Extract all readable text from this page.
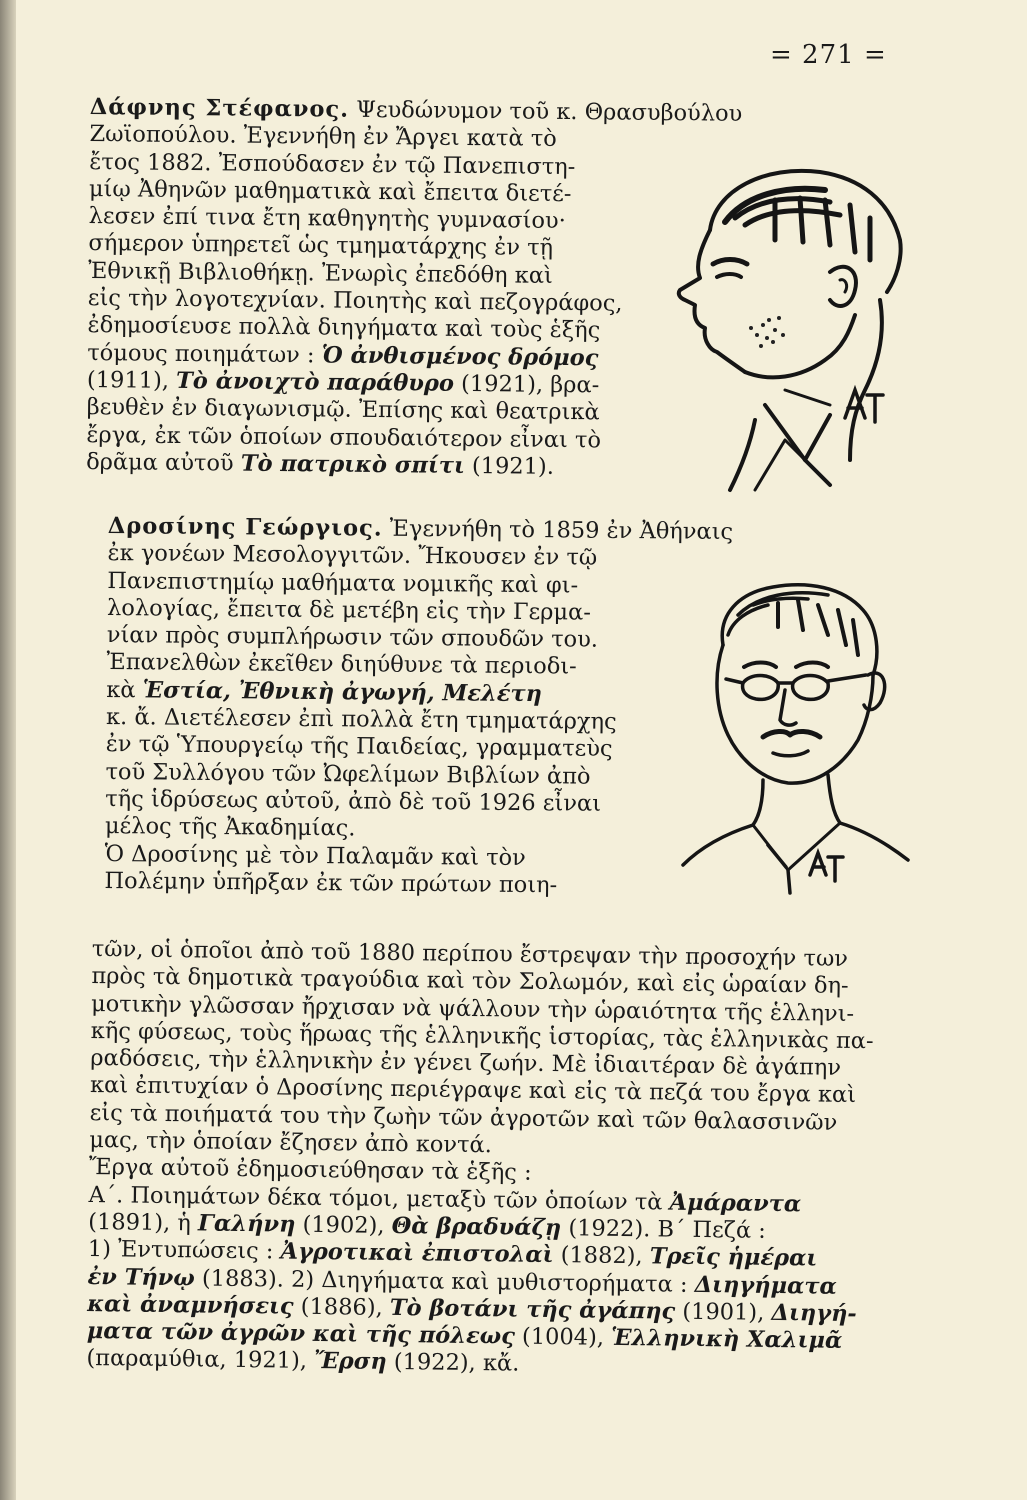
= 271 =
Δάφνης Στέφανος. Ψευδώνυμον τοῦ κ. Θρασυβούλου
Ζωϊοπούλου. Ἐγεννήθη ἐν Ἄργει κατὰ τὸ
ἔτος 1882. Ἐσπούδασεν ἐν τῷ Πανεπιστη-
μίῳ Ἀθηνῶν μαθηματικὰ καὶ ἔπειτα διετέ-
λεσεν ἐπί τινα ἔτη καθηγητὴς γυμνασίου·
σήμερον ὑπηρετεῖ ὡς τμηματάρχης ἐν τῇ
Ἐθνικῇ Βιβλιοθήκῃ. Ἐνωρὶς ἐπεδόθη καὶ
εἰς τὴν λογοτεχνίαν. Ποιητὴς καὶ πεζογράφος,
ἐδημοσίευσε πολλὰ διηγήματα καὶ τοὺς ἑξῆς
τόμους ποιημάτων : Ὁ ἀνθισμένος δρόμος
(1911), Τὸ ἀνοιχτὸ παράθυρο (1921), βρα-
βευθὲν ἐν διαγωνισμῷ. Ἐπίσης καὶ θεατρικὰ
ἔργα, ἐκ τῶν ὁποίων σπουδαιότερον εἶναι τὸ
δρᾶμα αὐτοῦ Τὸ πατρικὸ σπίτι (1921).
Δροσίνης Γεώργιος. Ἐγεννήθη τὸ 1859 ἐν Ἀθήναις
ἐκ γονέων Μεσολογγιτῶν. Ἤκουσεν ἐν τῷ
Πανεπιστημίῳ μαθήματα νομικῆς καὶ φι-
λολογίας, ἔπειτα δὲ μετέβη εἰς τὴν Γερμα-
νίαν πρὸς συμπλήρωσιν τῶν σπουδῶν του.
Ἐπανελθὼν ἐκεῖθεν διηύθυνε τὰ περιοδι-
κὰ Ἑστία, Ἐθνικὴ ἀγωγή, Μελέτη
κ. ἄ. Διετέλεσεν ἐπὶ πολλὰ ἔτη τμηματάρχης
ἐν τῷ Ὑπουργείῳ τῆς Παιδείας, γραμματεὺς
τοῦ Συλλόγου τῶν Ὠφελίμων Βιβλίων ἀπὸ
τῆς ἱδρύσεως αὐτοῦ, ἀπὸ δὲ τοῦ 1926 εἶναι
μέλος τῆς Ἀκαδημίας.
Ὁ Δροσίνης μὲ τὸν Παλαμᾶν καὶ τὸν
Πολέμην ὑπῆρξαν ἐκ τῶν πρώτων ποιη-
τῶν, οἱ ὁποῖοι ἀπὸ τοῦ 1880 περίπου ἔστρεψαν τὴν προσοχήν των
πρὸς τὰ δημοτικὰ τραγούδια καὶ τὸν Σολωμόν, καὶ εἰς ὡραίαν δη-
μοτικὴν γλῶσσαν ἤρχισαν νὰ ψάλλουν τὴν ὡραιότητα τῆς ἑλληνι-
κῆς φύσεως, τοὺς ἥρωας τῆς ἑλληνικῆς ἱστορίας, τὰς ἑλληνικὰς πα-
ραδόσεις, τὴν ἑλληνικὴν ἐν γένει ζωήν. Μὲ ἰδιαιτέραν δὲ ἀγάπην
καὶ ἐπιτυχίαν ὁ Δροσίνης περιέγραψε καὶ εἰς τὰ πεζά του ἔργα καὶ
εἰς τὰ ποιήματά του τὴν ζωὴν τῶν ἀγροτῶν καὶ τῶν θαλασσινῶν
μας, τὴν ὁποίαν ἔζησεν ἀπὸ κοντά.
Ἔργα αὐτοῦ ἐδημοσιεύθησαν τὰ ἑξῆς :
Α΄. Ποιημάτων δέκα τόμοι, μεταξὺ τῶν ὁποίων τὰ Ἀμάραντα
(1891), ἡ Γαλήνη (1902), Θὰ βραδυάζῃ (1922). Β΄ Πεζά :
1) Ἐντυπώσεις : Ἀγροτικαὶ ἐπιστολαὶ (1882), Τρεῖς ἡμέραι
ἐν Τήνῳ (1883). 2) Διηγήματα καὶ μυθιστορήματα : Διηγήματα
καὶ ἀναμνήσεις (1886), Τὸ βοτάνι τῆς ἀγάπης (1901), Διηγή-
ματα τῶν ἀγρῶν καὶ τῆς πόλεως (1004), Ἑλληνικὴ Χαλιμᾶ
(παραμύθια, 1921), Ἔρση (1922), κἄ.
